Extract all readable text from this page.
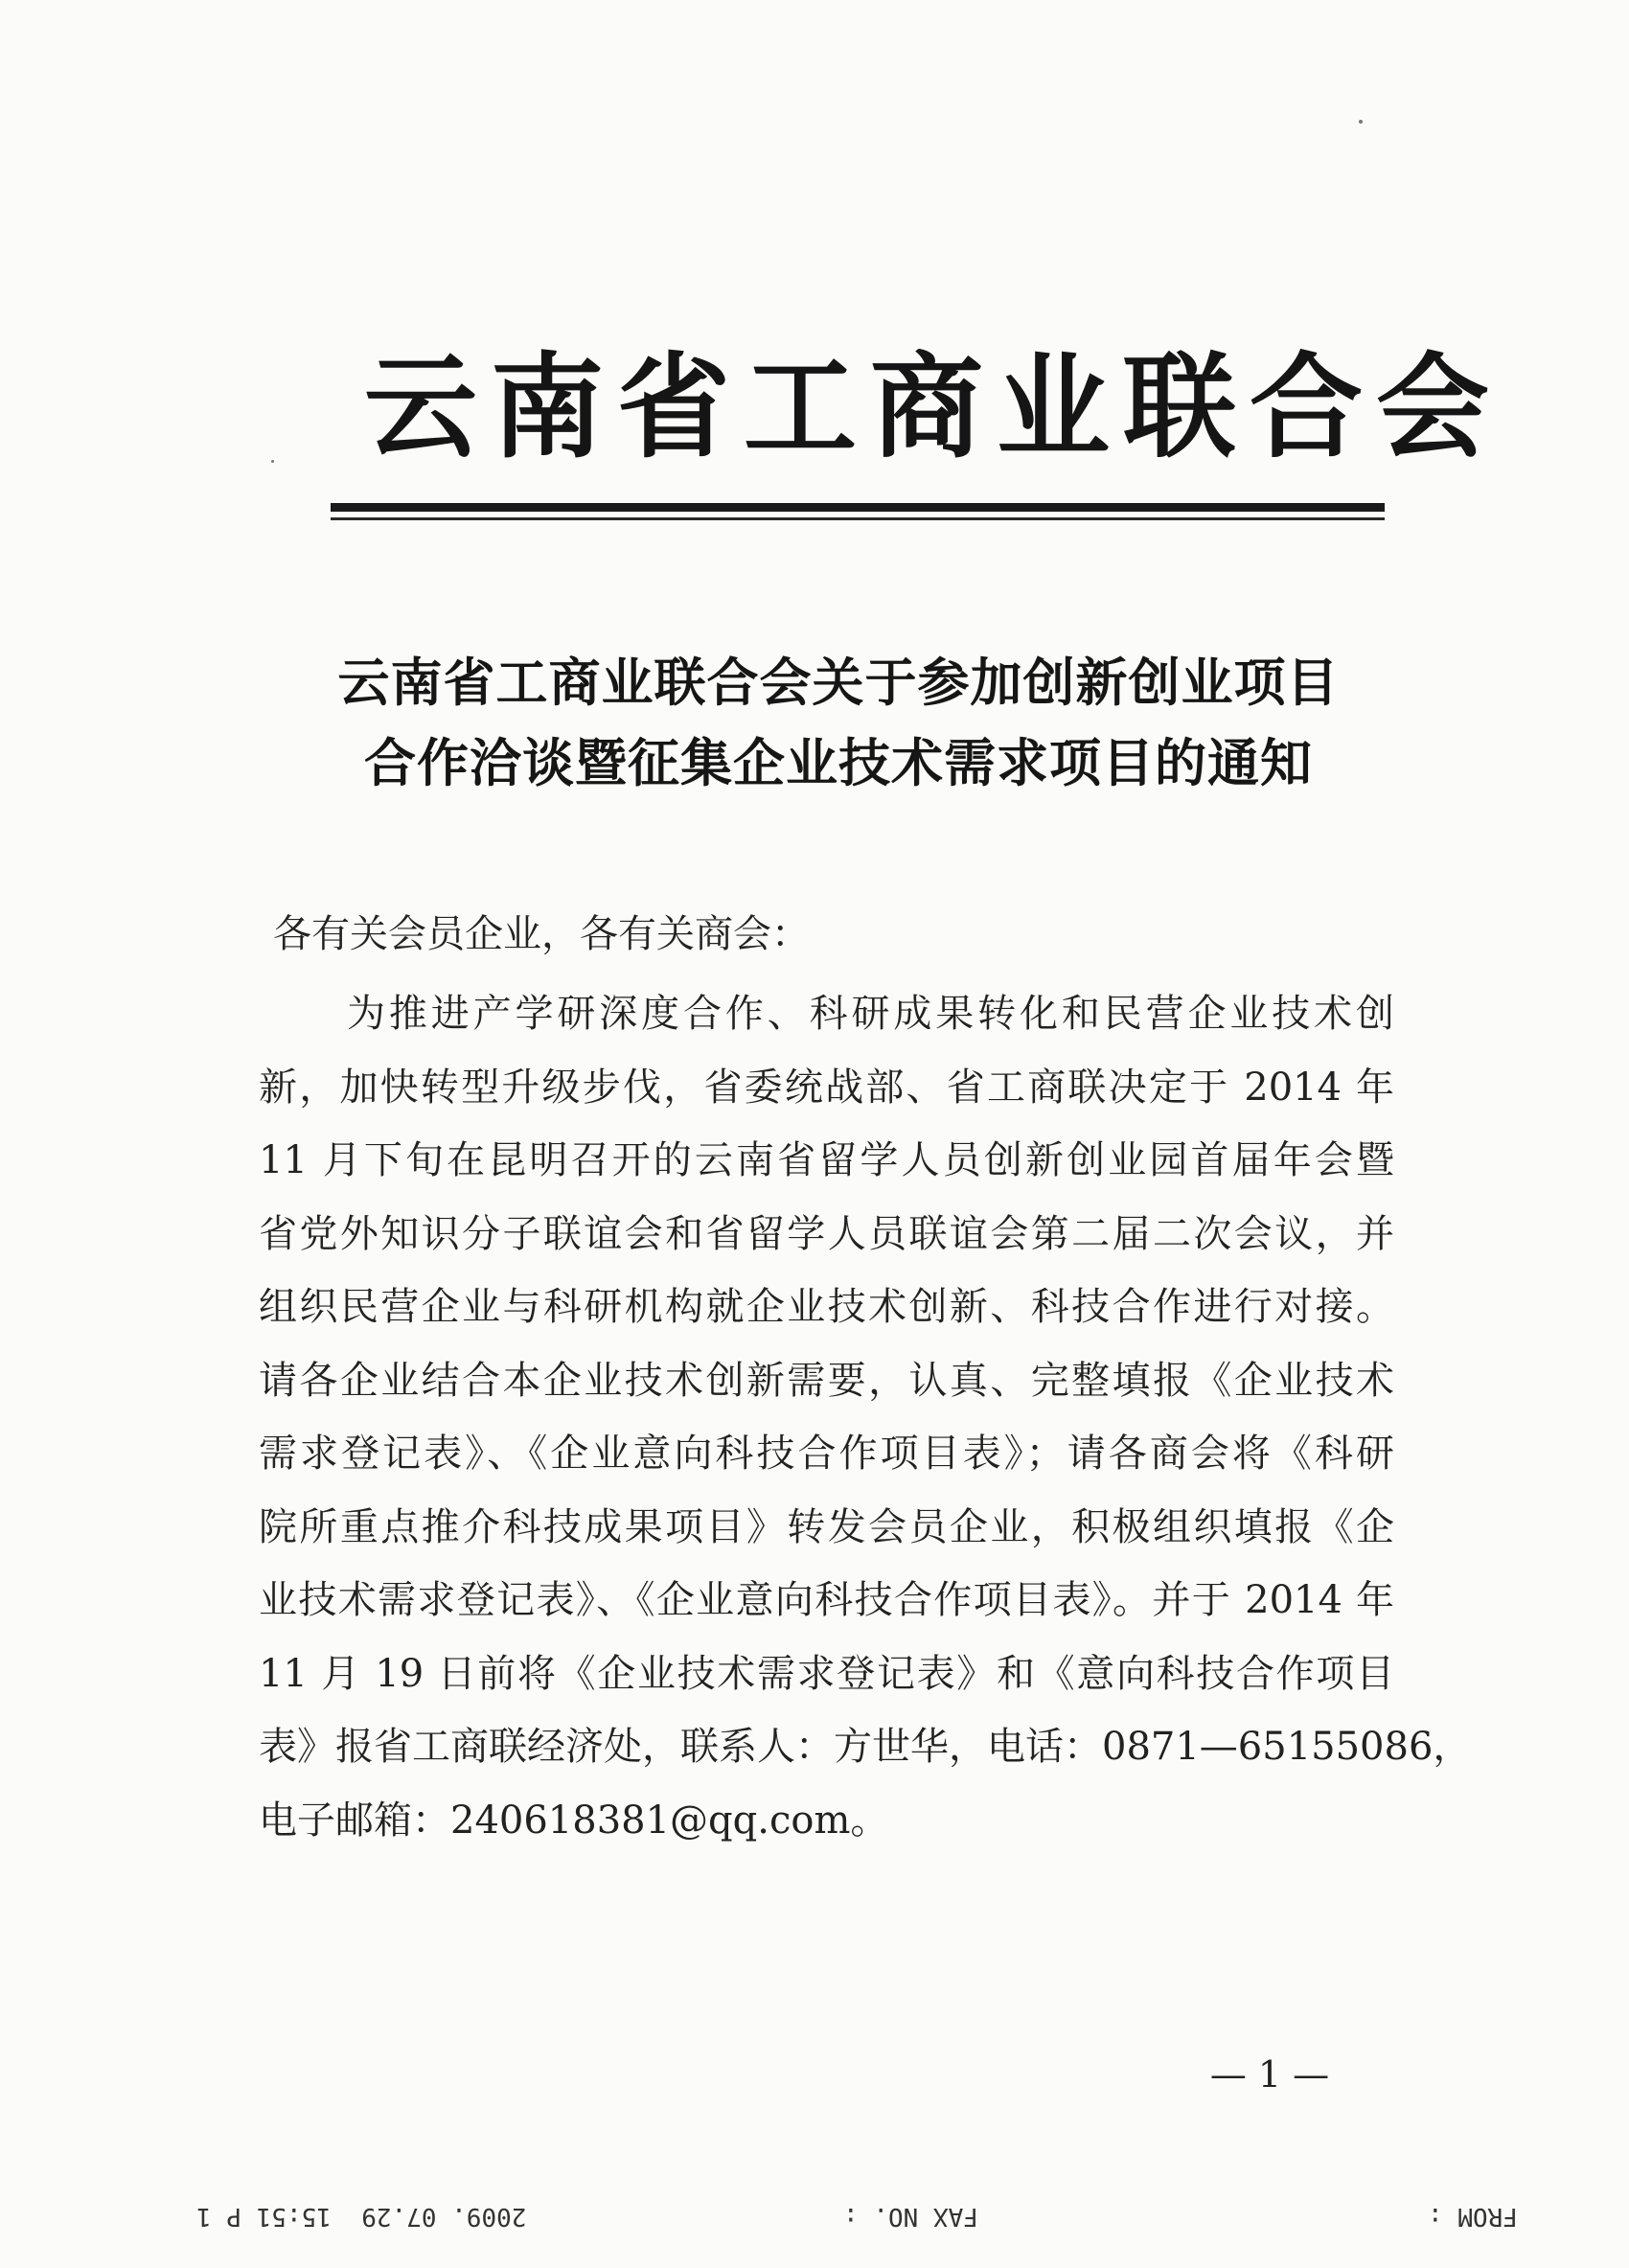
云南省工商业联合会
云南省工商业联合会关于参加创新创业项目
合作洽谈暨征集企业技术需求项目的通知
各有关会员企业，各有关商会：
为推进产学研深度合作、科研成果转化和民营企业技术创
新，加快转型升级步伐，省委统战部、省工商联决定于 2014 年
11 月下旬在昆明召开的云南省留学人员创新创业园首届年会暨
省党外知识分子联谊会和省留学人员联谊会第二届二次会议，并
组织民营企业与科研机构就企业技术创新、科技合作进行对接。
请各企业结合本企业技术创新需要，认真、完整填报《企业技术
需求登记表》、《企业意向科技合作项目表》；请各商会将《科研
院所重点推介科技成果项目》转发会员企业，积极组织填报《企
业技术需求登记表》、《企业意向科技合作项目表》。并于 2014 年
11 月 19 日前将《企业技术需求登记表》和《意向科技合作项目
表》报省工商联经济处，联系人：方世华，电话：0871—65155086，
电子邮箱：240618381@qq.com。
— 1 —
2009. 07.29  15:51 P 1	FAX NO. :	FROM :
